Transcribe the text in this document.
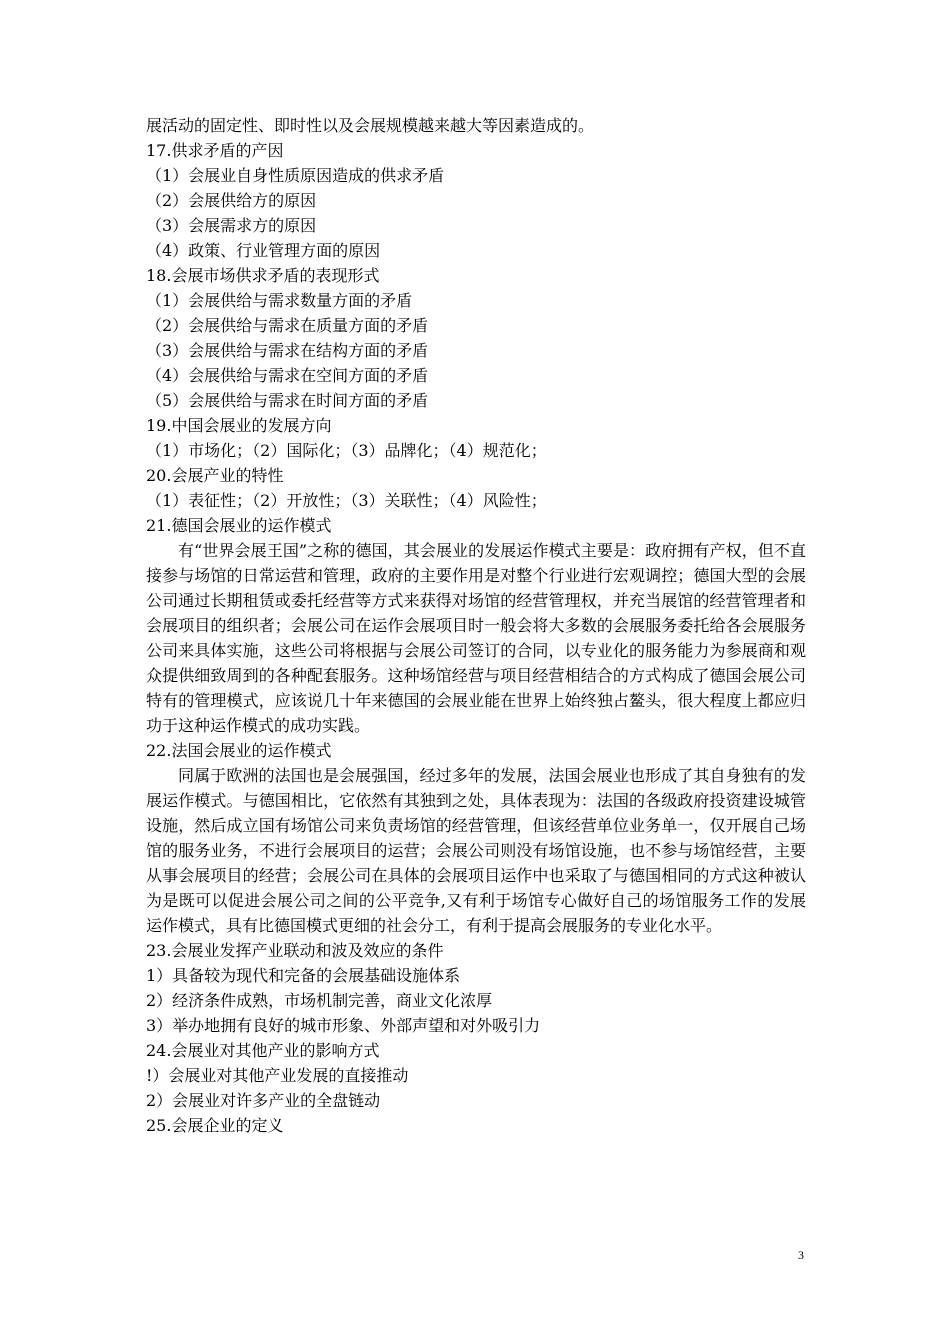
展活动的固定性、即时性以及会展规模越来越大等因素造成的。
17.供求矛盾的产因
（1）会展业自身性质原因造成的供求矛盾
（2）会展供给方的原因
（3）会展需求方的原因
（4）政策、行业管理方面的原因
18.会展市场供求矛盾的表现形式
（1）会展供给与需求数量方面的矛盾
（2）会展供给与需求在质量方面的矛盾
（3）会展供给与需求在结构方面的矛盾
（4）会展供给与需求在空间方面的矛盾
（5）会展供给与需求在时间方面的矛盾
19.中国会展业的发展方向
（1）市场化；（2）国际化；（3）品牌化；（4）规范化；
20.会展产业的特性
（1）表征性；（2）开放性；（3）关联性；（4）风险性；
21.德国会展业的运作模式

有“世界会展王国”之称的德国，其会展业的发展运作模式主要是：政府拥有产权，但不直接参与场馆的日常运营和管理，政府的主要作用是对整个行业进行宏观调控；德国大型的会展公司通过长期租赁或委托经营等方式来获得对场馆的经营管理权，并充当展馆的经营管理者和会展项目的组织者；会展公司在运作会展项目时一般会将大多数的会展服务委托给各会展服务公司来具体实施，这些公司将根据与会展公司签订的合同，以专业化的服务能力为参展商和观众提供细致周到的各种配套服务。这种场馆经营与项目经营相结合的方式构成了德国会展公司特有的管理模式，应该说几十年来德国的会展业能在世界上始终独占鳌头，很大程度上都应归功于这种运作模式的成功实践。

22.法国会展业的运作模式

同属于欧洲的法国也是会展强国，经过多年的发展，法国会展业也形成了其自身独有的发展运作模式。与德国相比，它依然有其独到之处，具体表现为：法国的各级政府投资建设城管设施，然后成立国有场馆公司来负责场馆的经营管理，但该经营单位业务单一，仅开展自己场馆的服务业务，不进行会展项目的运营；会展公司则没有场馆设施，也不参与场馆经营，主要从事会展项目的经营；会展公司在具体的会展项目运作中也采取了与德国相同的方式这种被认为是既可以促进会展公司之间的公平竞争,又有利于场馆专心做好自己的场馆服务工作的发展运作模式，具有比德国模式更细的社会分工，有利于提高会展服务的专业化水平。

23.会展业发挥产业联动和波及效应的条件
1）具备较为现代和完备的会展基础设施体系
2）经济条件成熟，市场机制完善，商业文化浓厚
3）举办地拥有良好的城市形象、外部声望和对外吸引力
24.会展业对其他产业的影响方式
!）会展业对其他产业发展的直接推动
2）会展业对许多产业的全盘链动
25.会展企业的定义
3
